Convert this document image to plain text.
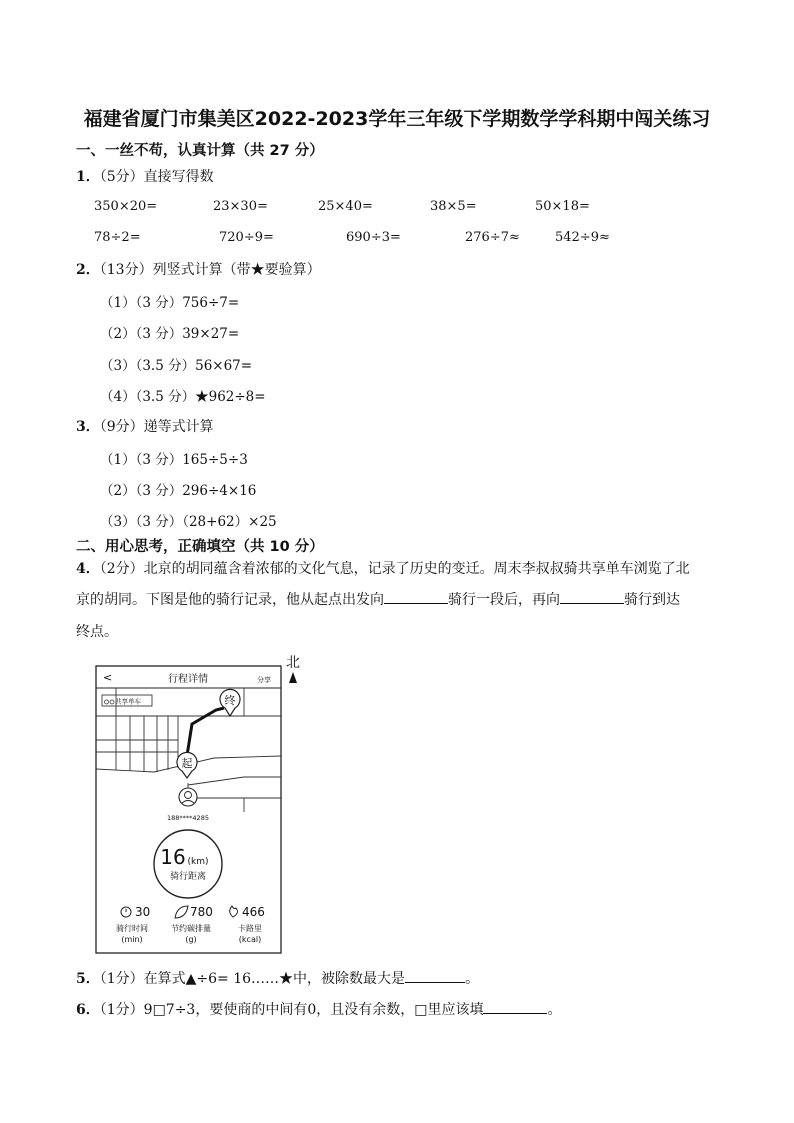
福建省厦门市集美区2022-2023学年三年级下学期数学学科期中闯关练习
一、一丝不苟，认真计算（共 27 分）
1．（5分）直接写得数
350×20=	23×30=	25×40=	38×5=	50×18=
78÷2=	720÷9=	690÷3=	276÷7≈	542÷9≈
2．（13分）列竖式计算（带★要验算）
（1）（3 分）756÷7=
（2）（3 分）39×27=
（3）（3.5 分）56×67=
（4）（3.5 分）★962÷8=
3．（9分）递等式计算
（1）（3 分）165÷5÷3
（2）（3 分）296÷4×16
（3）（3 分）（28+62）×25
二、用心思考，正确填空（共 10 分）
4．（2分）北京的胡同蕴含着浓郁的文化气息，记录了历史的变迁。周末李叔叔骑共享单车浏览了北
京的胡同。下图是他的骑行记录，他从起点出发向	骑行一段后，再向	骑行到达
终点。
北
<	行程详情	分享
共享单车	终
起
188****4285
16 (km)
骑行距离
30
骑行时间
(min)
780
节约碳排量
(g)
466
卡路里
(kcal)
5．（1分）在算式▲÷6= 16……★中，被除数最大是	。
6．（1分）9□7÷3，要使商的中间有0，且没有余数，□里应该填	。
